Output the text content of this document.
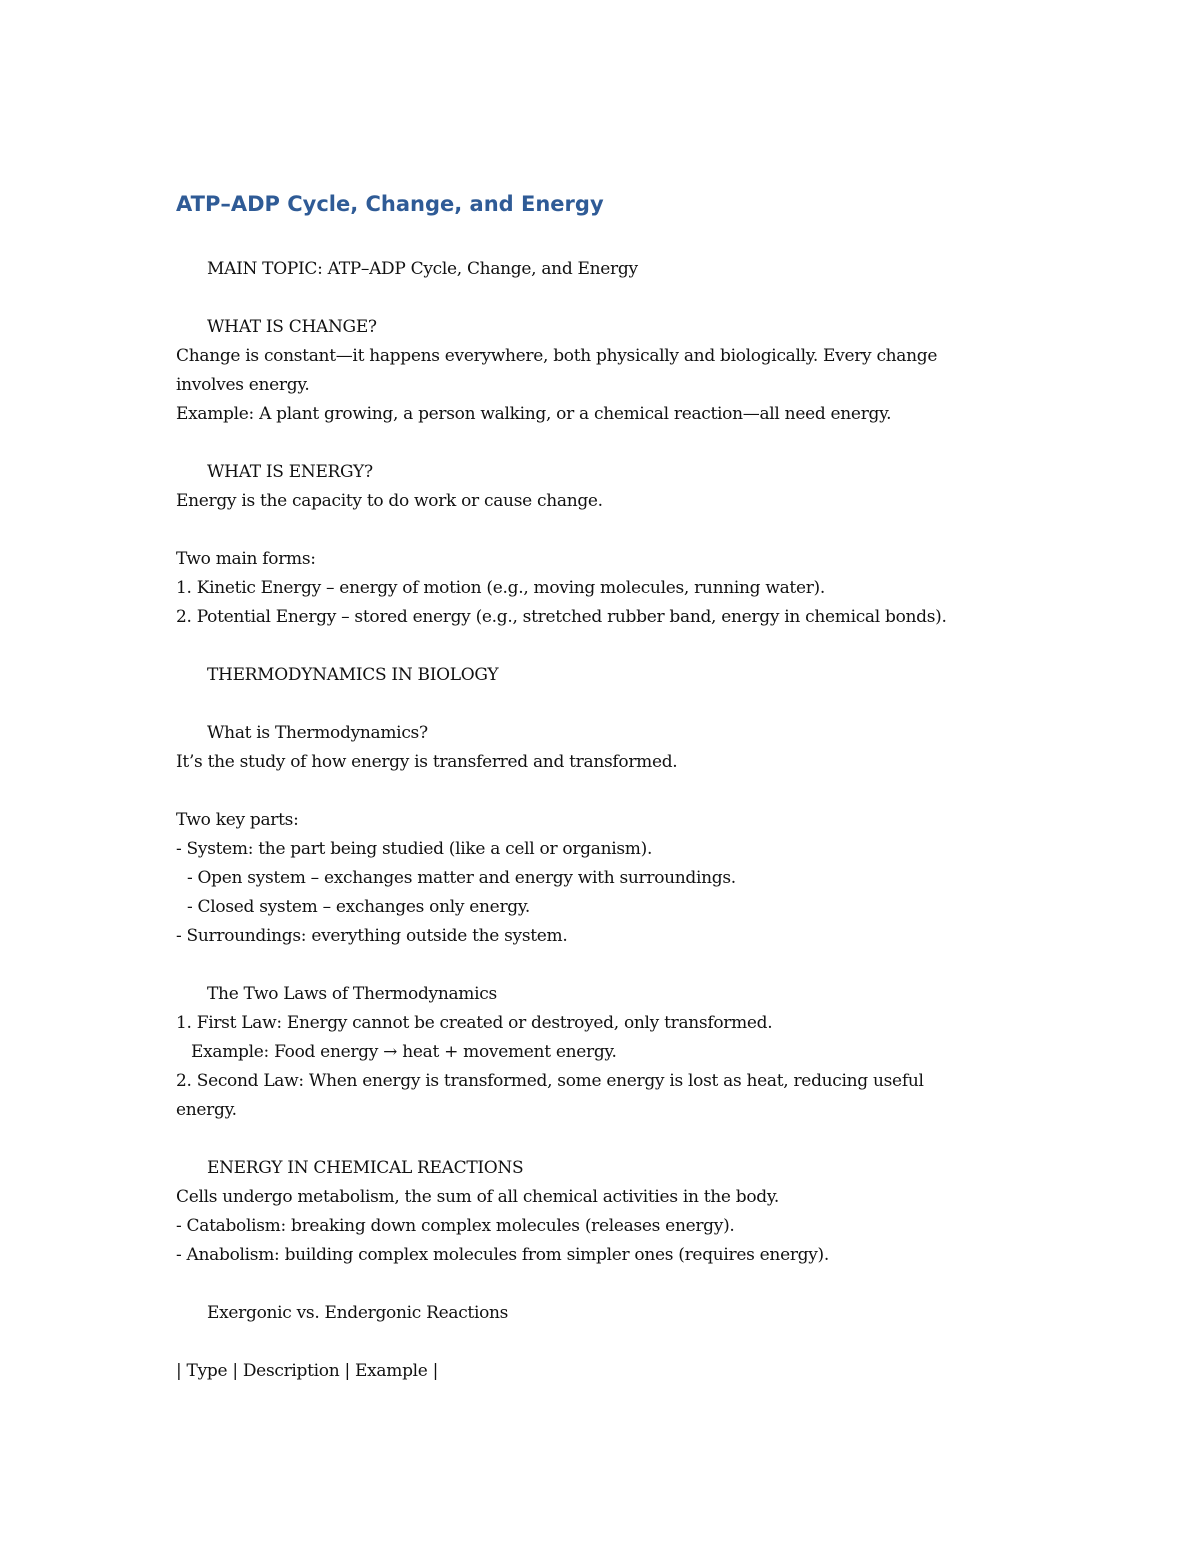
ATP–ADP Cycle, Change, and Energy
MAIN TOPIC: ATP–ADP Cycle, Change, and Energy
WHAT IS CHANGE?
Change is constant—it happens everywhere, both physically and biologically. Every change
involves energy.
Example: A plant growing, a person walking, or a chemical reaction—all need energy.
WHAT IS ENERGY?
Energy is the capacity to do work or cause change.
Two main forms:
1. Kinetic Energy – energy of motion (e.g., moving molecules, running water).
2. Potential Energy – stored energy (e.g., stretched rubber band, energy in chemical bonds).
THERMODYNAMICS IN BIOLOGY
What is Thermodynamics?
It’s the study of how energy is transferred and transformed.
Two key parts:
- System: the part being studied (like a cell or organism).
- Open system – exchanges matter and energy with surroundings.
- Closed system – exchanges only energy.
- Surroundings: everything outside the system.
The Two Laws of Thermodynamics
1. First Law: Energy cannot be created or destroyed, only transformed.
Example: Food energy → heat + movement energy.
2. Second Law: When energy is transformed, some energy is lost as heat, reducing useful
energy.
ENERGY IN CHEMICAL REACTIONS
Cells undergo metabolism, the sum of all chemical activities in the body.
- Catabolism: breaking down complex molecules (releases energy).
- Anabolism: building complex molecules from simpler ones (requires energy).
Exergonic vs. Endergonic Reactions
| Type | Description | Example |
